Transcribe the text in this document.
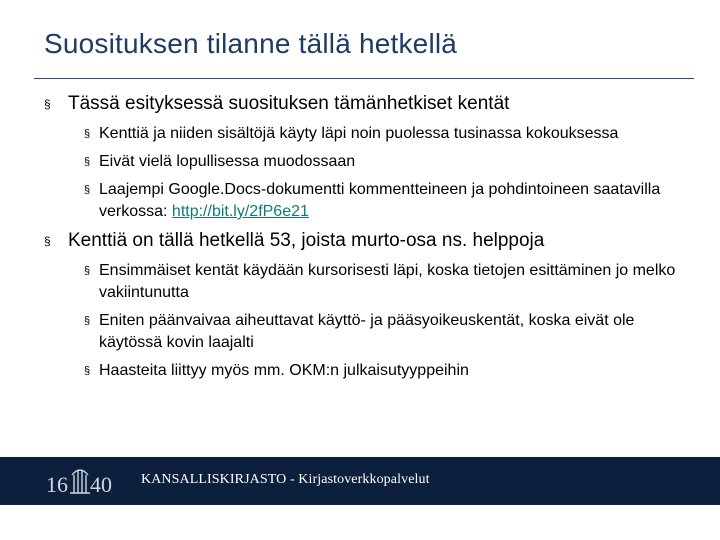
Suosituksen tilanne tällä hetkellä
§ Tässä esityksessä suosituksen tämänhetkiset kentät
§ Kenttiä ja niiden sisältöjä käyty läpi noin puolessa tusinassa kokouksessa
§ Eivät vielä lopullisessa muodossaan
§ Laajempi Google.Docs-dokumentti kommentteineen ja pohdintoineen saatavilla verkossa: http://bit.ly/2fP6e21
§ Kenttiä on tällä hetkellä 53, joista murto-osa ns. helppoja
§ Ensimmäiset kentät käydään kursorisesti läpi, koska tietojen esittäminen jo melko vakiintunutta
§ Eniten päänvaivaa aiheuttavat käyttö- ja pääsyoikeuskentät, koska eivät ole käytössä kovin laajalti
§ Haasteita liittyy myös mm. OKM:n julkaisutyyppeihin
16 40 KANSALLISKIRJASTO - Kirjastoverkkopalvelut
